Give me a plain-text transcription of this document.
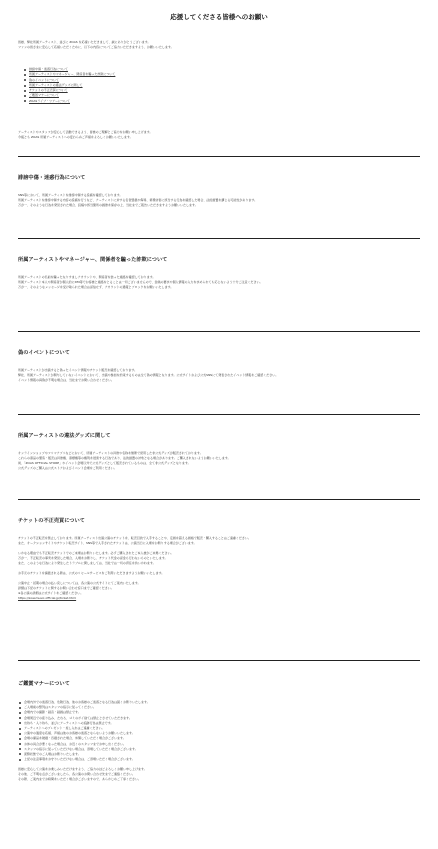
応援してくださる皆様へのお願い
皆様、弊社所属アーティスト、並びに ZOAS を応援いただきまして、誠にありがとうございます。
ファンの皆さまに安心して応援いただくために、以下の内容についてご協力いただきますよう、お願いいたします。
誹謗中傷・迷惑行為について
所属アーティストやマネージャー、関係者を騙った詐欺について
偽のイベントについて
所属アーティストの違法グッズに関して
チケットの不正売買について
ご鑑賞マナーについて
ZOASライブ・ツアーについて
アーティストやスタッフが安心して活動できるよう、皆様のご理解とご協力をお願い申し上げます。
今後とも ZOAS 所属アーティストへの変わらぬご声援をよろしくお願いいたします。
誹謗中傷・迷惑行為について
SNS等において、所属アーティストを誹謗中傷する投稿を確認しております。
所属アーティストを誹謗中傷する内容の投稿を行うなど、アーティストに対する名誉毀損や侮辱、業務妨害に該当する行為を確認した場合、法的措置を講じる可能性があります。
万が一、そのような行為を発見された場合、投稿や該当箇所の画像を保存の上、当社までご報告いただきますようお願いいたします。
所属アーティストやマネージャー、関係者を騙った詐欺について
所属アーティストの名前を騙ったなりすましアカウントや、関係者を装った連絡を確認しております。
所属アーティスト本人や関係者が個人的にDM等でお客様と連絡をとることは一切ございませんので、金銭の要求や個人情報の入力を求められても応じないよう十分ご注意ください。
万が一、そのようなメッセージを受け取られた場合は返信せず、アカウントの通報とブロックをお願いいたします。
偽のイベントについて
所属アーティストが出演すると偽ったイベント情報やチケット販売を確認しております。
弊社、所属アーティストが関与していないイベントにおいて、出演や参加を約束するものは全て偽の情報となります。公式サイトおよび公式SNSにて発表されたイベント情報をご確認ください。
イベント情報の真偽が不明な場合は、当社までお問い合わせください。
所属アーティストの違法グッズに関して
オンラインショップやフリマアプリなどにおいて、所属アーティストの肖像や名称を無断で使用した非公式グッズが販売されております。
これらの商品の製造・販売は肖像権、商標権等の権利を侵害する行為であり、法的措置の対象となる場合があります。ご購入されないようお願いいたします。
尚、「ZOAS OFFICIAL STORE」やイベント会場以外で公式グッズとして販売されているものは、全て非公式グッズとなります。
公式グッズのご購入は公式ストアおよびイベント会場をご利用ください。
チケットの不正売買について
チケットの不正転売を禁止しております。所属アーティスト出演公演のチケットを、転売目的で入手することや、定価を超える価格で販売・購入することはご遠慮ください。
また、オークションサイトやチケット転売サイト、SNS等で入手されたチケットは、公演当日に入場をお断りする場合がございます。
いかなる理由でも不正転売チケットでのご来場はお断りいたします。必ずご購入されたご本人様がご来場ください。
万が一、不正転売の事実を発見した場合、入場をお断りし、チケット代金の返金も行わないものといたします。
また、このような行為により発生したトラブルに関しましては、当社では一切の責任を負いかねます。
お手元のチケットを譲渡される際は、公式のリセールサービスをご利用いただきますようお願いいたします。
公演中止・延期の場合の払い戻しについては、各公演の公式サイトにてご案内いたします。
詳細は下記のチケットに関するお問い合わせ窓口までご確認ください。
※各公演の詳細は公式サイトをご確認ください。
https://zoasmusic.official.jp/ticket.html
ご鑑賞マナーについて
会場内外での迷惑行為、危険行為、他のお客様のご迷惑となる行為は固くお断りいたします。
ご入場前の整列はスタッフの指示に従ってください。
会場内での撮影・録音・録画は禁止です。
会場周辺での座り込み、たむろ、ゴミのポイ捨ては禁止とさせていただきます。
出待ち・入り待ち、並びにアーティストへの追跡行為は禁止です。
アーティストへのプレゼント・差し入れはご遠慮ください。
公演中の過度な応援、声援は他のお客様の迷惑とならないようお願いいたします。
会場の備品を破損・汚損された場合、弁償していただく場合がございます。
お体の具合が悪くなった場合は、お近くのスタッフまでお申し出ください。
スタッフの指示に従っていただけない場合は、退場していただく場合がございます。
泥酔状態でのご入場はお断りいたします。
上記の注意事項をお守りいただけない場合は、ご退場いただく場合がございます。
皆様に安心して公演をお楽しみいただけますよう、ご協力のほどよろしくお願い申し上げます。
その他、ご不明な点がございましたら、各公演のお問い合わせ先までご連絡ください。
その際、ご案内までお時間をいただく場合がございますので、あらかじめご了承ください。
